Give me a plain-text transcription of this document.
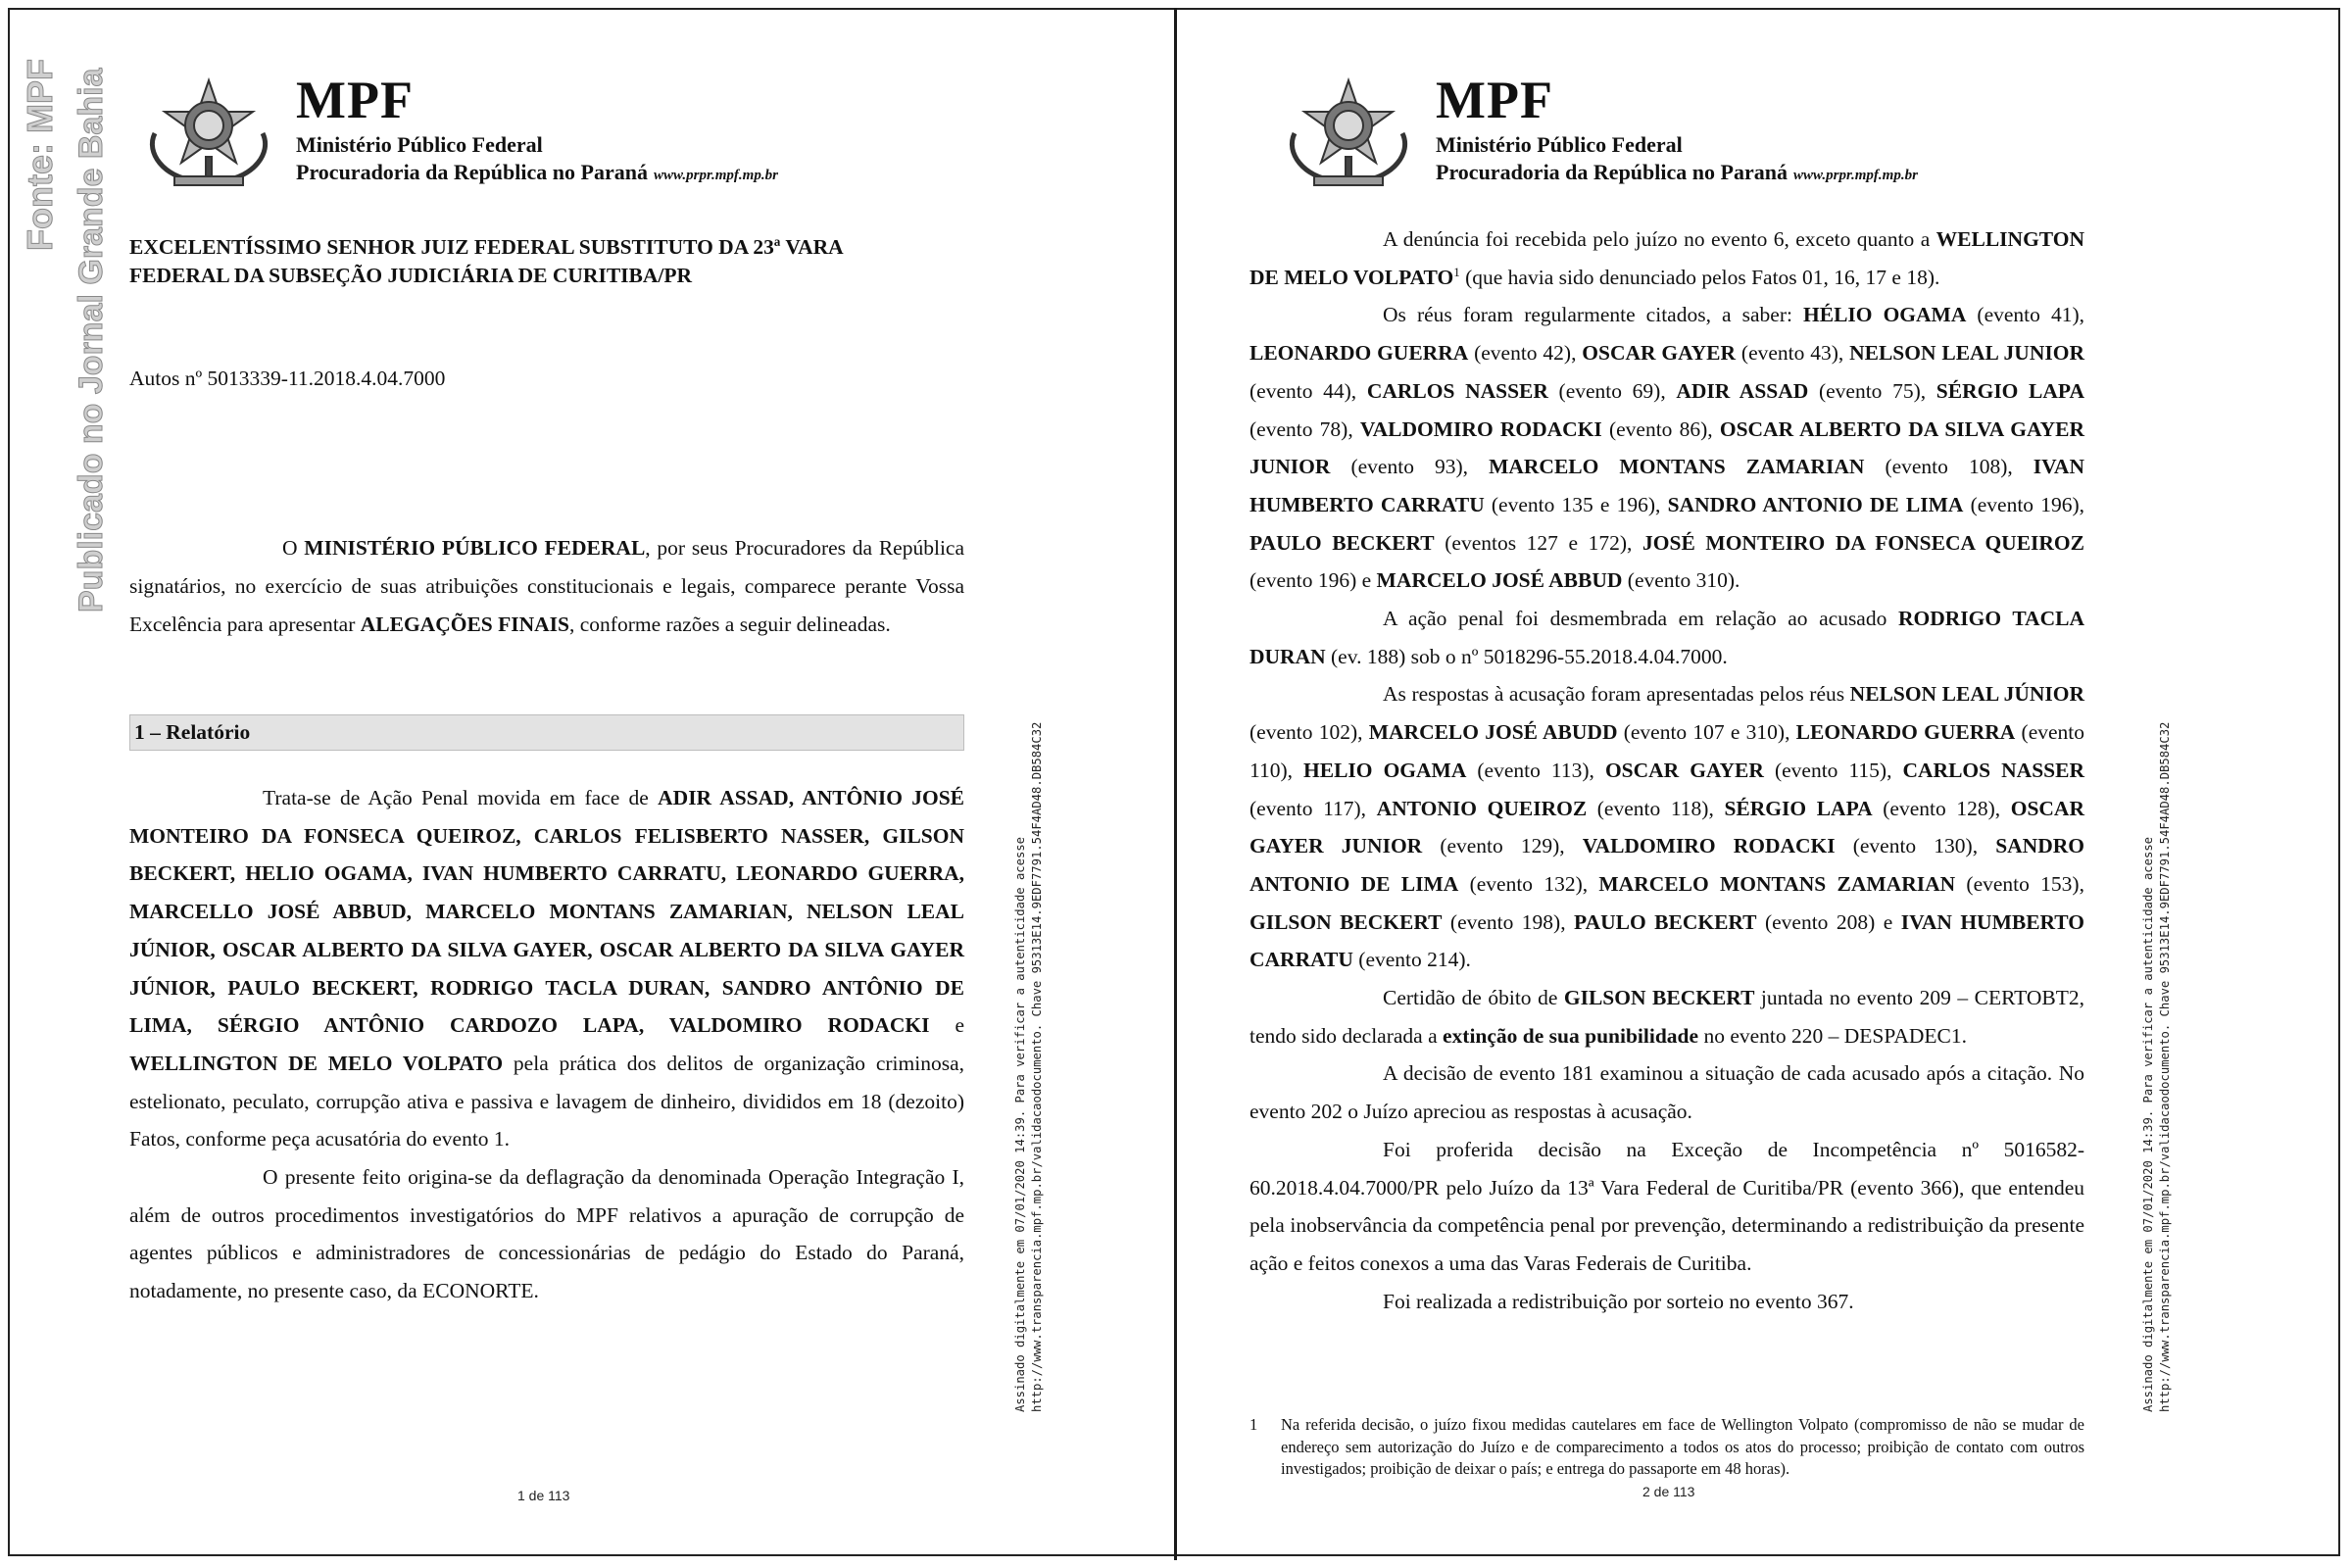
Fonte: MPF Publicado no Jornal Grande Bahia	MPF
Ministério Público Federal
Procuradoria da República no Paraná www.prpr.mpf.mp.br
EXCELENTÍSSIMO SENHOR JUIZ FEDERAL SUBSTITUTO DA 23ª VARA
FEDERAL DA SUBSEÇÃO JUDICIÁRIA DE CURITIBA/PR
Autos nº 5013339-11.2018.4.04.7000

O MINISTÉRIO PÚBLICO FEDERAL, por seus Procuradores da República signatários, no exercício de suas atribuições constitucionais e legais, comparece perante Vossa Excelência para apresentar ALEGAÇÕES FINAIS, conforme razões a seguir delineadas.

1 – Relatório

Trata-se de Ação Penal movida em face de ADIR ASSAD, ANTÔNIO JOSÉ MONTEIRO DA FONSECA QUEIROZ, CARLOS FELISBERTO NASSER, GILSON BECKERT, HELIO OGAMA, IVAN HUMBERTO CARRATU, LEONARDO GUERRA, MARCELLO JOSÉ ABBUD, MARCELO MONTANS ZAMARIAN, NELSON LEAL JÚNIOR, OSCAR ALBERTO DA SILVA GAYER, OSCAR ALBERTO DA SILVA GAYER JÚNIOR, PAULO BECKERT, RODRIGO TACLA DURAN, SANDRO ANTÔNIO DE LIMA, SÉRGIO ANTÔNIO CARDOZO LAPA, VALDOMIRO RODACKI e WELLINGTON DE MELO VOLPATO pela prática dos delitos de organização criminosa, estelionato, peculato, corrupção ativa e passiva e lavagem de dinheiro, divididos em 18 (dezoito) Fatos, conforme peça acusatória do evento 1.

O presente feito origina-se da deflagração da denominada Operação Integração I, além de outros procedimentos investigatórios do MPF relativos a apuração de corrupção de agentes públicos e administradores de concessionárias de pedágio do Estado do Paraná, notadamente, no presente caso, da ECONORTE.	Assinado digitalmente em 07/01/2020 14:39. Para verificar a autenticidade acesse http://www.transparencia.mpf.mp.br/validacaodocumento. Chave 95313E14.9EDF7791.54F4AD48.DB584C32
1 de 113
MPF
Ministério Público Federal
Procuradoria da República no Paraná www.prpr.mpf.mp.br

A denúncia foi recebida pelo juízo no evento 6, exceto quanto a WELLINGTON DE MELO VOLPATO$^1$ (que havia sido denunciado pelos Fatos 01, 16, 17 e 18).

Os réus foram regularmente citados, a saber: HÉLIO OGAMA (evento 41), LEONARDO GUERRA (evento 42), OSCAR GAYER (evento 43), NELSON LEAL JUNIOR (evento 44), CARLOS NASSER (evento 69), ADIR ASSAD (evento 75), SÉRGIO LAPA (evento 78), VALDOMIRO RODACKI (evento 86), OSCAR ALBERTO DA SILVA GAYER JUNIOR (evento 93), MARCELO MONTANS ZAMARIAN (evento 108), IVAN HUMBERTO CARRATU (evento 135 e 196), SANDRO ANTONIO DE LIMA (evento 196), PAULO BECKERT (eventos 127 e 172), JOSÉ MONTEIRO DA FONSECA QUEIROZ (evento 196) e MARCELO JOSÉ ABBUD (evento 310).

A ação penal foi desmembrada em relação ao acusado RODRIGO TACLA DURAN (ev. 188) sob o nº 5018296-55.2018.4.04.7000.

As respostas à acusação foram apresentadas pelos réus NELSON LEAL JÚNIOR (evento 102), MARCELO JOSÉ ABUDD (evento 107 e 310), LEONARDO GUERRA (evento 110), HELIO OGAMA (evento 113), OSCAR GAYER (evento 115), CARLOS NASSER (evento 117), ANTONIO QUEIROZ (evento 118), SÉRGIO LAPA (evento 128), OSCAR GAYER JUNIOR (evento 129), VALDOMIRO RODACKI (evento 130), SANDRO ANTONIO DE LIMA (evento 132), MARCELO MONTANS ZAMARIAN (evento 153), GILSON BECKERT (evento 198), PAULO BECKERT (evento 208) e IVAN HUMBERTO CARRATU (evento 214).

Certidão de óbito de GILSON BECKERT juntada no evento 209 – CERTOBT2, tendo sido declarada a extinção de sua punibilidade no evento 220 – DESPADEC1.

A decisão de evento 181 examinou a situação de cada acusado após a citação. No evento 202 o Juízo apreciou as respostas à acusação.

Foi proferida decisão na Exceção de Incompetência nº 5016582-60.2018.4.04.7000/PR pelo Juízo da 13ª Vara Federal de Curitiba/PR (evento 366), que entendeu pela inobservância da competência penal por prevenção, determinando a redistribuição da presente ação e feitos conexos a uma das Varas Federais de Curitiba.

Foi realizada a redistribuição por sorteio no evento 367.

1 Na referida decisão, o juízo fixou medidas cautelares em face de Wellington Volpato (compromisso de não se mudar de endereço sem autorização do Juízo e de comparecimento a todos os atos do processo; proibição de contato com outros investigados; proibição de deixar o país; e entrega do passaporte em 48 horas).
Assinado digitalmente em 07/01/2020 14:39. Para verificar a autenticidade acesse http://www.transparencia.mpf.mp.br/validacaodocumento. Chave 95313E14.9EDF7791.54F4AD48.DB584C32
2 de 113
